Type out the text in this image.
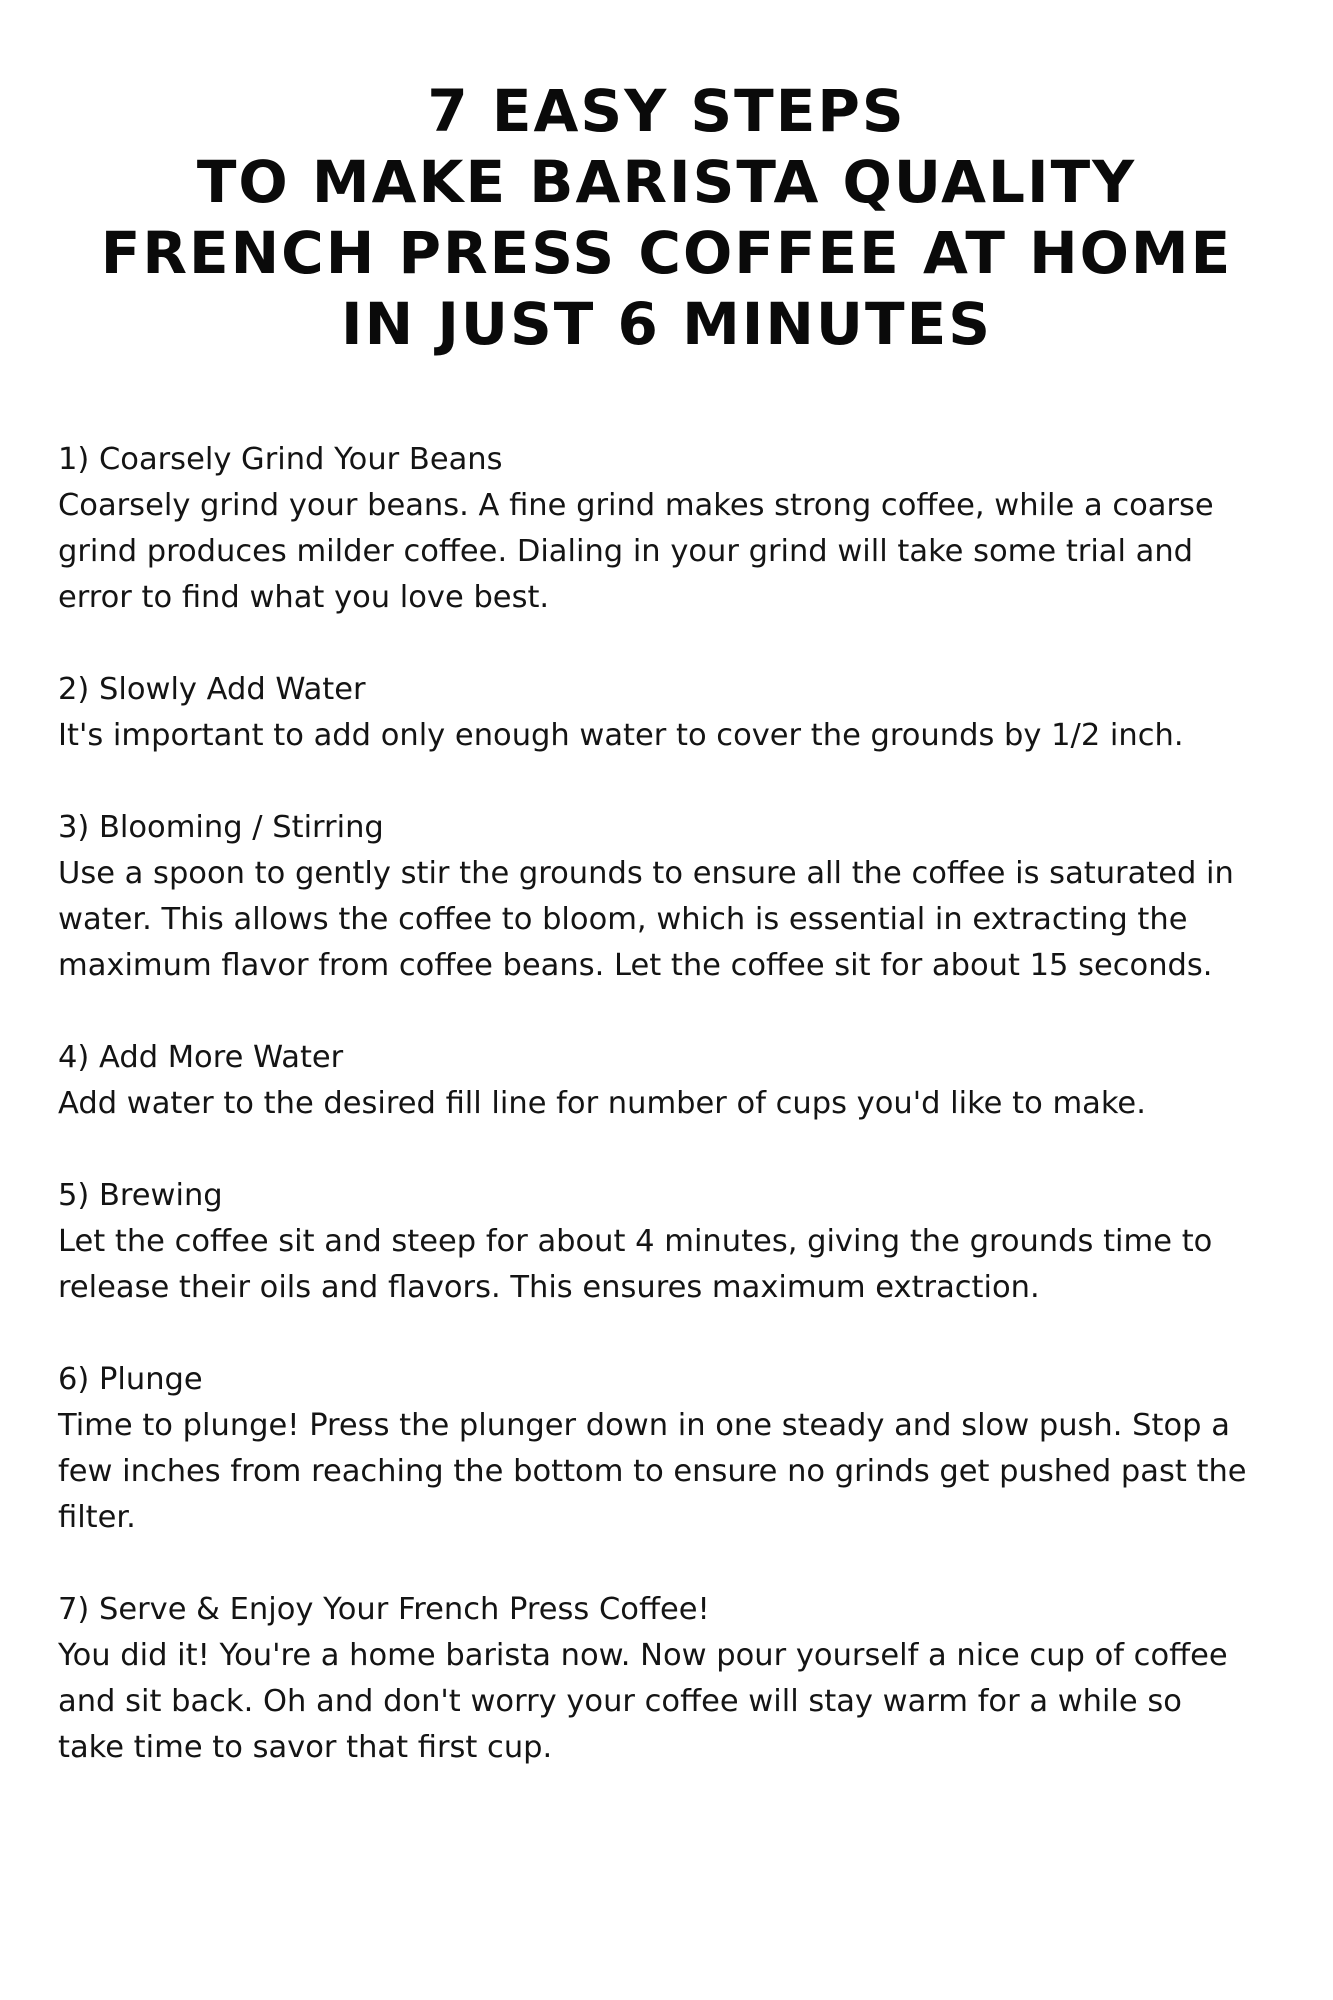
7 EASY STEPS
TO MAKE BARISTA QUALITY
FRENCH PRESS COFFEE AT HOME
IN JUST 6 MINUTES
1) Coarsely Grind Your Beans
Coarsely grind your beans. A fine grind makes strong coffee, while a coarse
grind produces milder coffee. Dialing in your grind will take some trial and
error to find what you love best.
2) Slowly Add Water
It's important to add only enough water to cover the grounds by 1/2 inch.
3) Blooming / Stirring
Use a spoon to gently stir the grounds to ensure all the coffee is saturated in
water. This allows the coffee to bloom, which is essential in extracting the
maximum flavor from coffee beans. Let the coffee sit for about 15 seconds.
4) Add More Water
Add water to the desired fill line for number of cups you'd like to make.
5) Brewing
Let the coffee sit and steep for about 4 minutes, giving the grounds time to
release their oils and flavors. This ensures maximum extraction.
6) Plunge
Time to plunge! Press the plunger down in one steady and slow push. Stop a
few inches from reaching the bottom to ensure no grinds get pushed past the
filter.
7) Serve & Enjoy Your French Press Coffee!
You did it! You're a home barista now. Now pour yourself a nice cup of coffee
and sit back. Oh and don't worry your coffee will stay warm for a while so
take time to savor that first cup.
